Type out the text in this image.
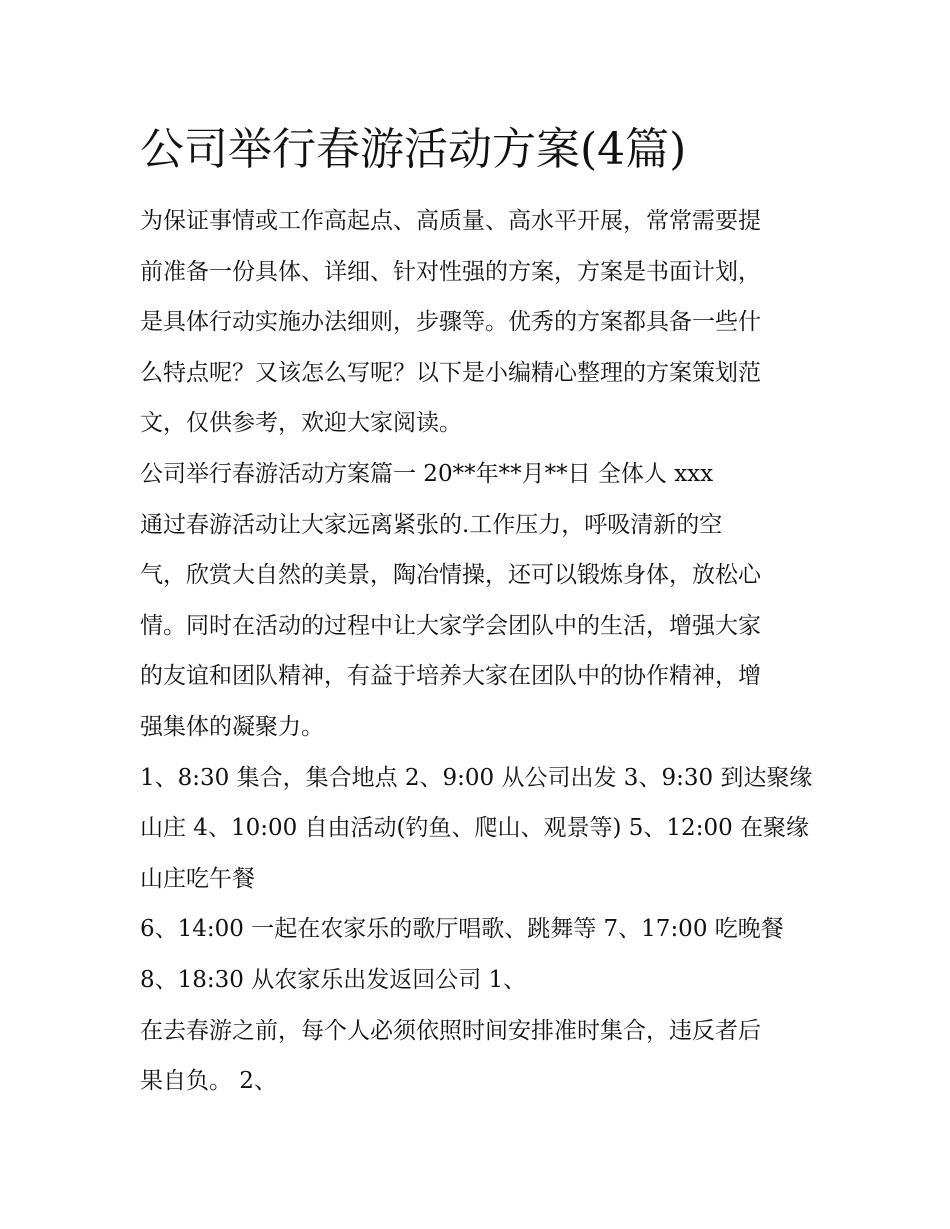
公司举行春游活动方案(4篇)

为保证事情或工作高起点、高质量、高水平开展，常常需要提

前准备一份具体、详细、针对性强的方案，方案是书面计划，

是具体行动实施办法细则，步骤等。优秀的方案都具备一些什

么特点呢？又该怎么写呢？以下是小编精心整理的方案策划范

文，仅供参考，欢迎大家阅读。

公司举行春游活动方案篇一 20**年**月**日 全体人 xxx

通过春游活动让大家远离紧张的.工作压力，呼吸清新的空

气，欣赏大自然的美景，陶冶情操，还可以锻炼身体，放松心

情。同时在活动的过程中让大家学会团队中的生活，增强大家

的友谊和团队精神，有益于培养大家在团队中的协作精神，增

强集体的凝聚力。

1、8:30 集合，集合地点 2、9:00 从公司出发 3、9:30 到达聚缘

山庄 4、10:00 自由活动(钓鱼、爬山、观景等) 5、12:00 在聚缘

山庄吃午餐

6、14:00 一起在农家乐的歌厅唱歌、跳舞等 7、17:00 吃晚餐

8、18:30 从农家乐出发返回公司 1、

在去春游之前，每个人必须依照时间安排准时集合，违反者后

果自负。 2、
